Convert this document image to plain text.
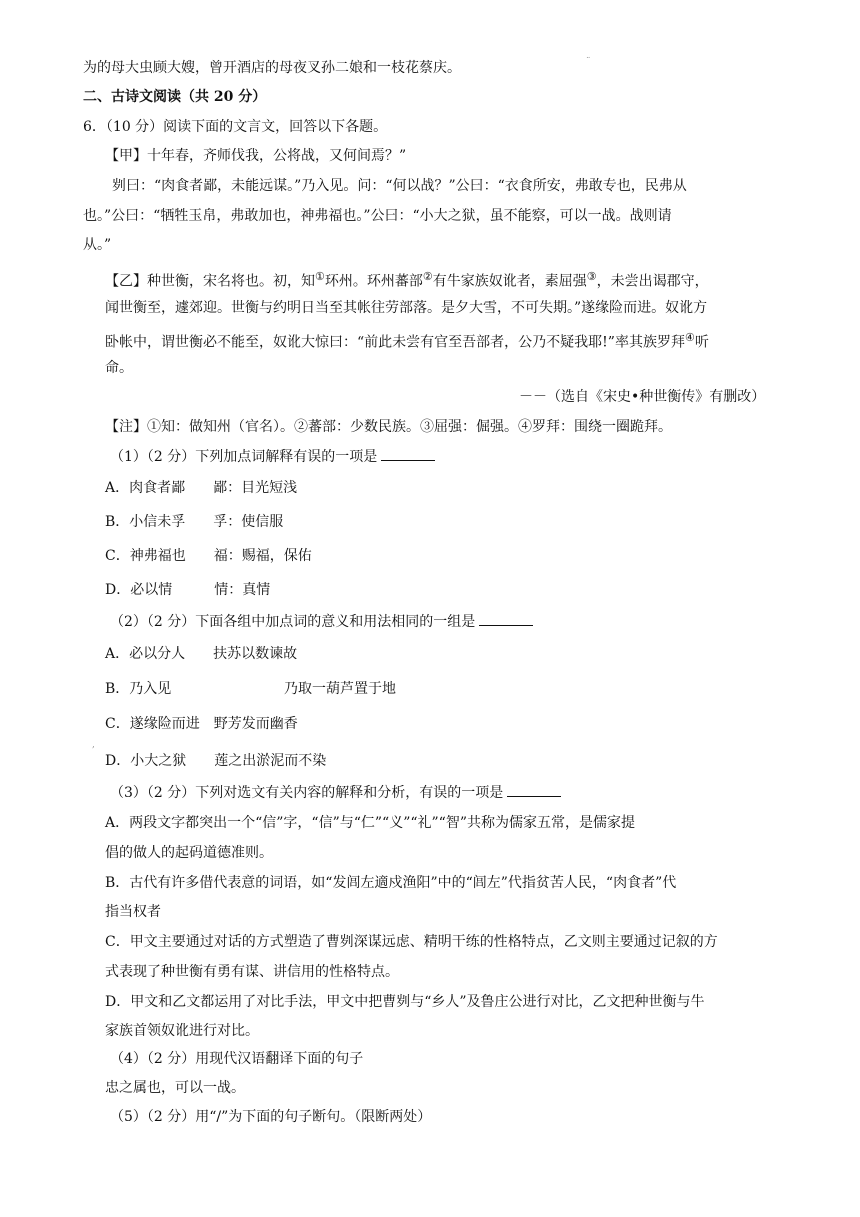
为的母大虫顾大嫂，曾开酒店的母夜叉孙二娘和一枝花蔡庆。	¨
二、古诗文阅读（共 20 分）
6．（10 分）阅读下面的文言文，回答以下各题。
【甲】十年春，齐师伐我，公将战，又何间焉？”
刿曰：“肉食者鄙，未能远谋。”乃入见。问：“何以战？”公曰：“衣食所安，弗敢专也，民弗从
也。”公曰：“牺牲玉帛，弗敢加也，神弗福也。”公曰：“小大之狱，虽不能察，可以一战。战则请
从。”
【乙】种世衡，宋名将也。初，知①环州。环州蕃部②有牛家族奴讹者，素屈强③，未尝出谒郡守，
闻世衡至，遽郊迎。世衡与约明日当至其帐往劳部落。是夕大雪，不可失期。”遂缘险而进。奴讹方
卧帐中，谓世衡必不能至，奴讹大惊曰：“前此未尝有官至吾部者，公乃不疑我耶!”率其族罗拜④听
命。
－－（选自《宋史•种世衡传》有删改）
【注】①知：做知州（官名）。②蕃部：少数民族。③屈强：倔强。④罗拜：围绕一圈跪拜。
（1）（2 分）下列加点词解释有误的一项是
A．肉食者鄙　　鄙：目光短浅
B．小信未孚　　孚：使信服
C．神弗福也　　福：赐福，保佑
D．必以情　　　情：真情
（2）（2 分）下面各组中加点词的意义和用法相同的一组是
A．必以分人　　扶苏以数谏故
B．乃入见	乃取一葫芦置于地
C．遂缘险而进　野芳发而幽香
,
D．小大之狱　　莲之出淤泥而不染
（3）（2 分）下列对选文有关内容的解释和分析，有误的一项是
A．两段文字都突出一个“信”字，“信”与“仁”“义”“礼”“智”共称为儒家五常，是儒家提
倡的做人的起码道德准则。
B．古代有许多借代表意的词语，如“发闾左適戍渔阳”中的“闾左”代指贫苦人民，“肉食者”代
指当权者
C．甲文主要通过对话的方式塑造了曹刿深谋远虑、精明干练的性格特点，乙文则主要通过记叙的方
式表现了种世衡有勇有谋、讲信用的性格特点。
D．甲文和乙文都运用了对比手法，甲文中把曹刿与“乡人”及鲁庄公进行对比，乙文把种世衡与牛
家族首领奴讹进行对比。
（4）（2 分）用现代汉语翻译下面的句子
忠之属也，可以一战。
（5）（2 分）用“/”为下面的句子断句。（限断两处）
